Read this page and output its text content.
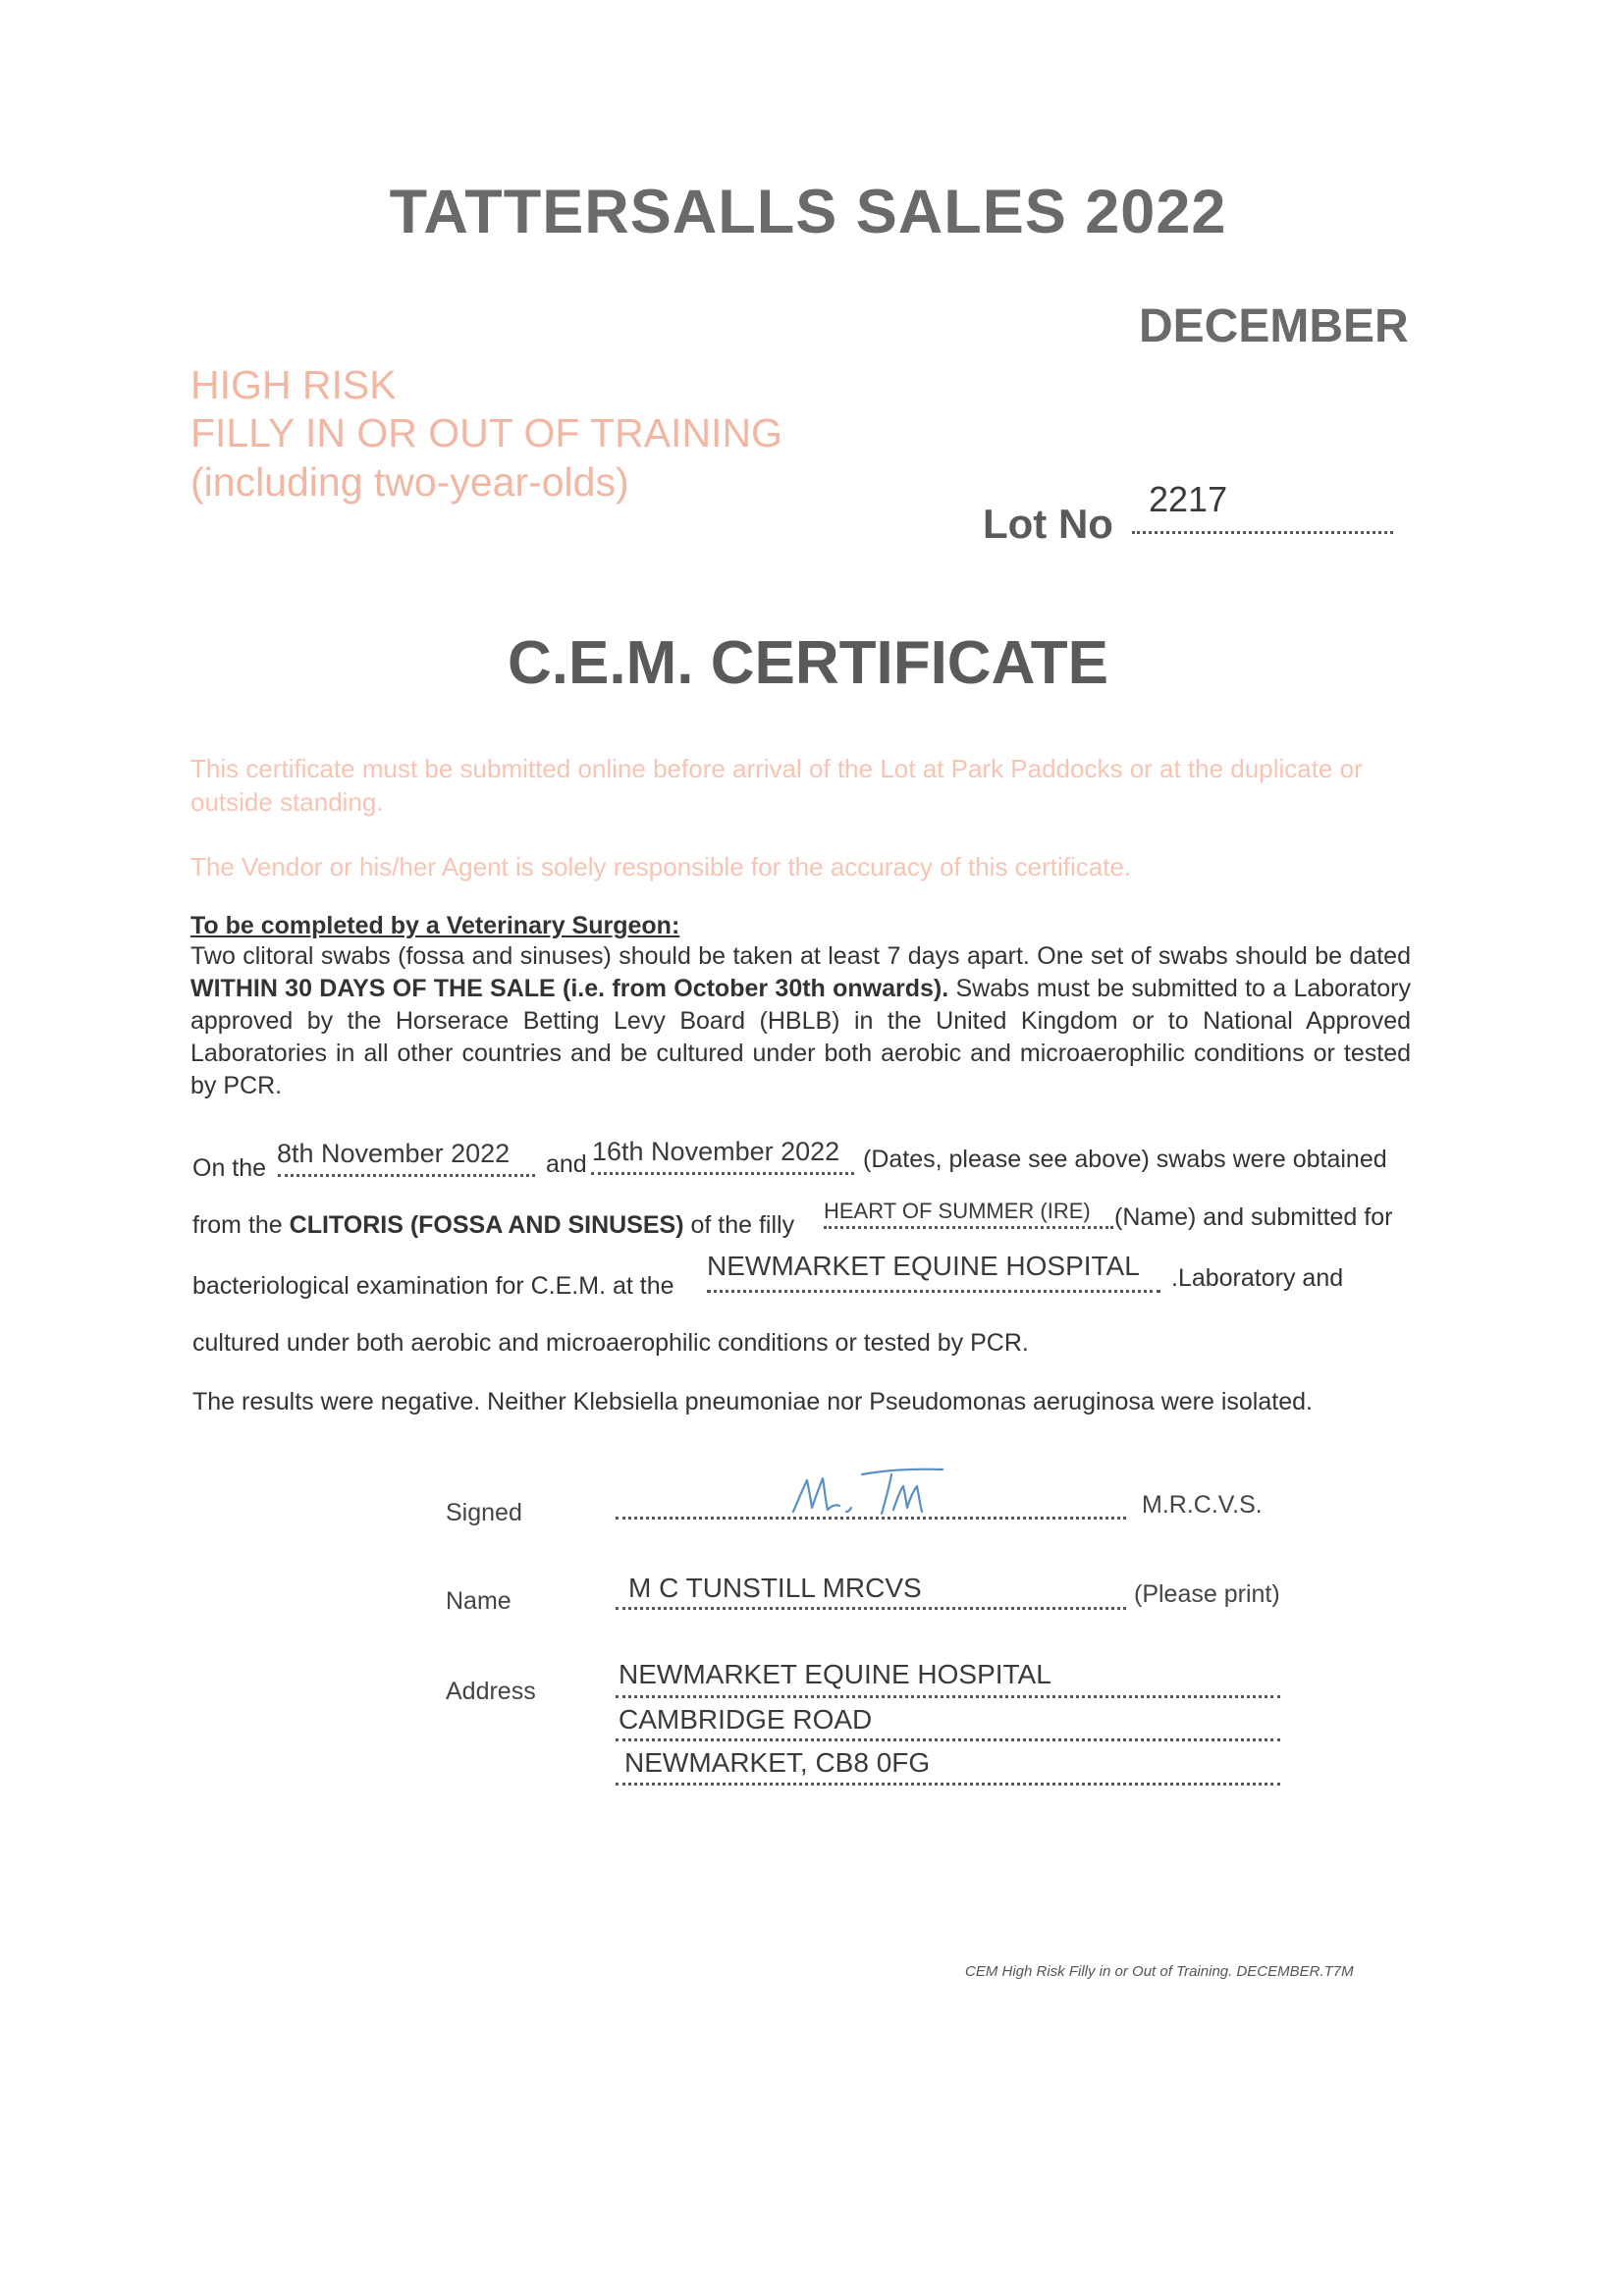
TATTERSALLS SALES 2022
DECEMBER
HIGH RISK
FILLY IN OR OUT OF TRAINING
(including two-year-olds)
Lot No
2217
C.E.M. CERTIFICATE
This certificate must be submitted online before arrival of the Lot at Park Paddocks or at the duplicate or outside standing.
The Vendor or his/her Agent is solely responsible for the accuracy of this certificate.
To be completed by a Veterinary Surgeon:
Two clitoral swabs (fossa and sinuses) should be taken at least 7 days apart. One set of swabs should be dated WITHIN 30 DAYS OF THE SALE (i.e. from October 30th onwards). Swabs must be submitted to a Laboratory approved by the Horserace Betting Levy Board (HBLB) in the United Kingdom or to National Approved Laboratories in all other countries and be cultured under both aerobic and microaerophilic conditions or tested by PCR.
On the 8th November 2022 and 16th November 2022 (Dates, please see above) swabs were obtained
from the CLITORIS (FOSSA AND SINUSES) of the filly
HEART OF SUMMER (IRE) (Name) and submitted for
bacteriological examination for C.E.M. at the
NEWMARKET EQUINE HOSPITAL .Laboratory and
cultured under both aerobic and microaerophilic conditions or tested by PCR.
The results were negative. Neither Klebsiella pneumoniae nor Pseudomonas aeruginosa were isolated.
Signed	M.R.C.V.S.
Name	M C TUNSTILL MRCVS	(Please print)
Address
NEWMARKET EQUINE HOSPITAL
CAMBRIDGE ROAD
NEWMARKET, CB8 0FG
CEM High Risk Filly in or Out of Training. DECEMBER.T7M
